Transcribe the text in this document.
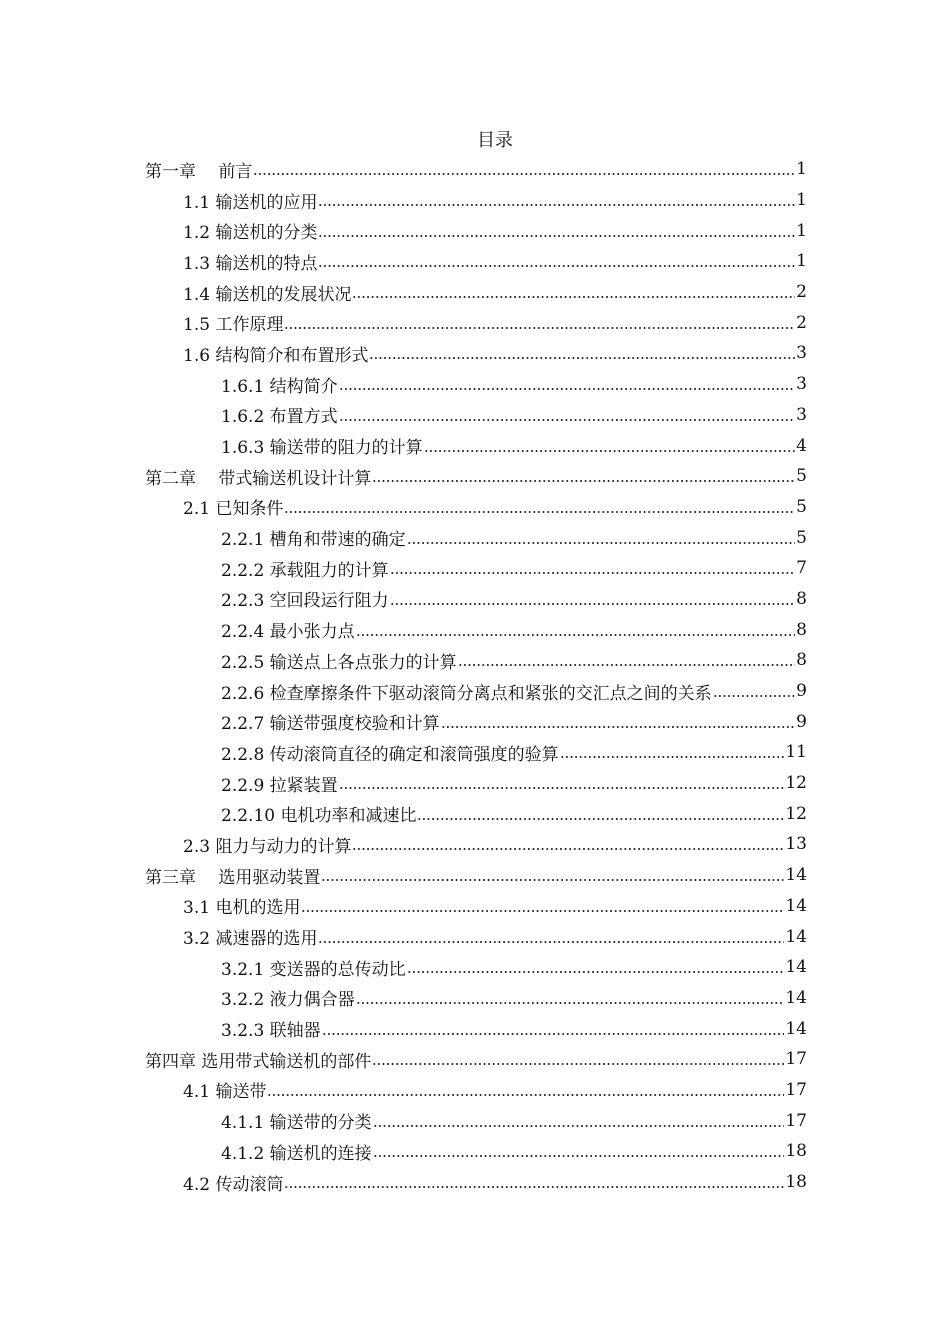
目录
第一章　 前言	1
1.1 输送机的应用	1
1.2 输送机的分类	1
1.3 输送机的特点	1
1.4 输送机的发展状况	2
1.5 工作原理	2
1.6 结构简介和布置形式	3
1.6.1 结构简介	3
1.6.2 布置方式	3
1.6.3 输送带的阻力的计算	4
第二章　 带式输送机设计计算	5
2.1 已知条件	5
2.2.1 槽角和带速的确定	5
2.2.2 承载阻力的计算	7
2.2.3 空回段运行阻力	8
2.2.4 最小张力点	8
2.2.5 输送点上各点张力的计算	8
2.2.6 检查摩擦条件下驱动滚筒分离点和紧张的交汇点之间的关系	9
2.2.7 输送带强度校验和计算	9
2.2.8 传动滚筒直径的确定和滚筒强度的验算	11
2.2.9 拉紧装置	12
2.2.10 电机功率和减速比	12
2.3 阻力与动力的计算	13
第三章　 选用驱动装置	14
3.1 电机的选用	14
3.2 减速器的选用	14
3.2.1 变送器的总传动比	14
3.2.2 液力偶合器	14
3.2.3 联轴器	14
第四章 选用带式输送机的部件	17
4.1 输送带	17
4.1.1 输送带的分类	17
4.1.2 输送机的连接	18
4.2 传动滚筒	18
